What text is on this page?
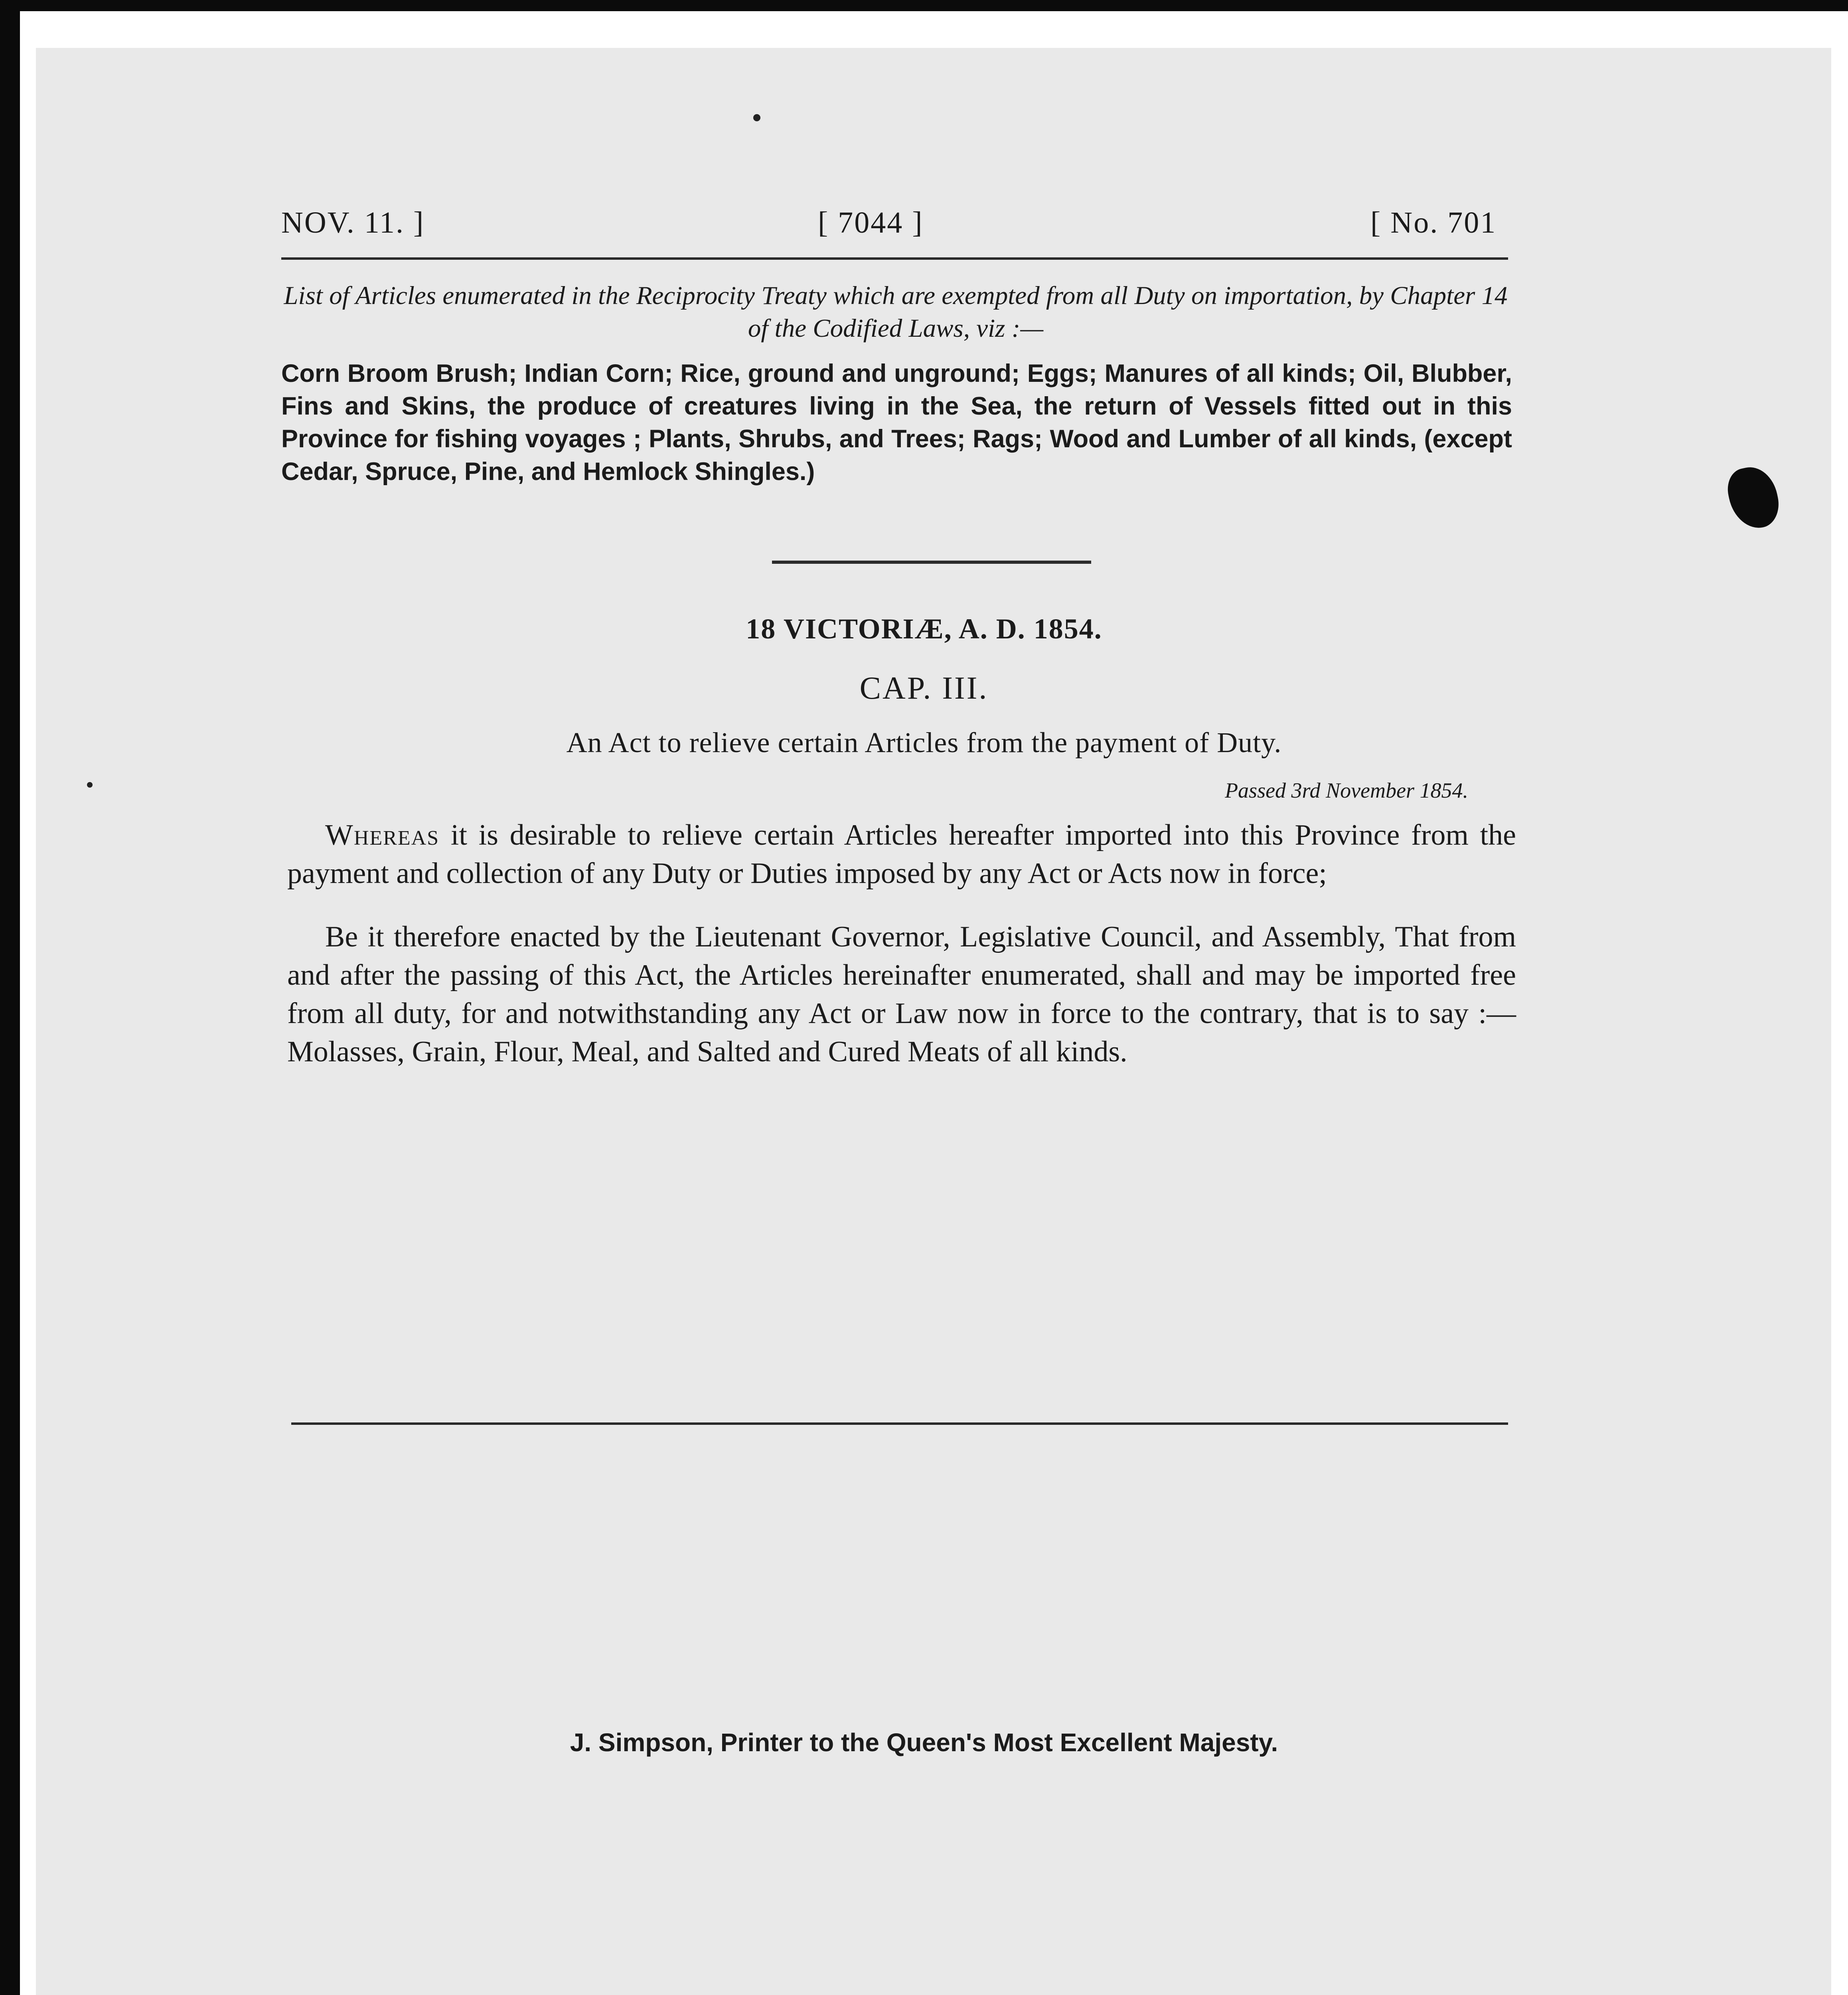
NOV. 11. ]	[ 7044 ]	[ No. 701
List of Articles enumerated in the Reciprocity Treaty which are exempted from all Duty on importation, by Chapter 14 of the Codified Laws, viz :—
Corn Broom Brush; Indian Corn; Rice, ground and unground; Eggs; Manures of all kinds; Oil, Blubber, Fins and Skins, the produce of creatures living in the Sea, the return of Vessels fitted out in this Province for fishing voyages ; Plants, Shrubs, and Trees; Rags; Wood and Lumber of all kinds, (except Cedar, Spruce, Pine, and Hemlock Shingles.)
18 VICTORIÆ, A. D. 1854.
CAP. III.
An Act to relieve certain Articles from the payment of Duty.
Passed 3rd November 1854.
Whereas it is desirable to relieve certain Articles hereafter imported into this Province from the payment and collection of any Duty or Duties imposed by any Act or Acts now in force;
Be it therefore enacted by the Lieutenant Governor, Legislative Council, and Assembly, That from and after the passing of this Act, the Articles hereinafter enumerated, shall and may be imported free from all duty, for and notwithstanding any Act or Law now in force to the contrary, that is to say :—Molasses, Grain, Flour, Meal, and Salted and Cured Meats of all kinds.
J. Simpson, Printer to the Queen's Most Excellent Majesty.
